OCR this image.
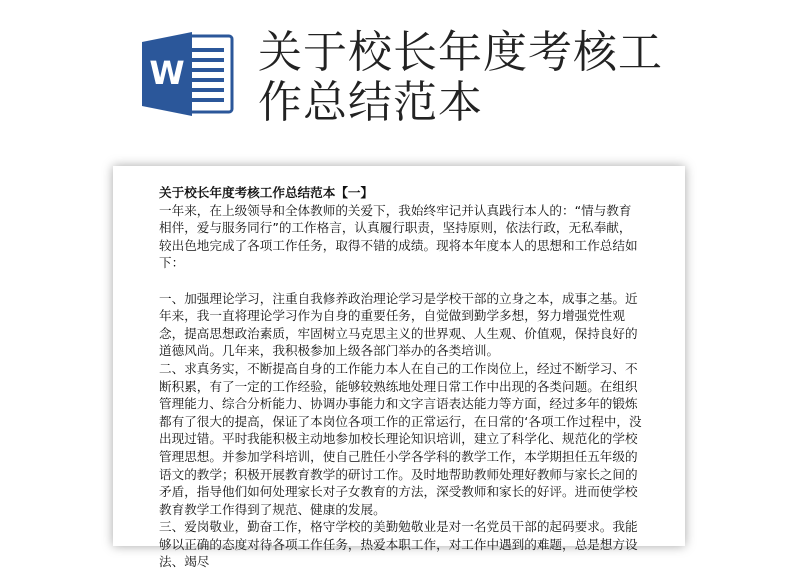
W 关于校长年度考核工作总结范本

关于校长年度考核工作总结范本【一】

一年来，在上级领导和全体教师的关爱下，我始终牢记并认真践行本人的：“情与教育相伴，爱与服务同行”的工作格言，认真履行职责，坚持原则，依法行政，无私奉献，较出色地完成了各项工作任务，取得不错的成绩。现将本年度本人的思想和工作总结如下：

一、加强理论学习，注重自我修养政治理论学习是学校干部的立身之本，成事之基。近年来，我一直将理论学习作为自身的重要任务，自觉做到勤学多想，努力增强党性观念，提高思想政治素质，牢固树立马克思主义的世界观、人生观、价值观，保持良好的道德风尚。几年来，我积极参加上级各部门举办的各类培训。

二、求真务实，不断提高自身的工作能力本人在自己的工作岗位上，经过不断学习、不断积累，有了一定的工作经验，能够较熟练地处理日常工作中出现的各类问题。在组织管理能力、综合分析能力、协调办事能力和文字言语表达能力等方面，经过多年的锻炼都有了很大的提高，保证了本岗位各项工作的正常运行，在日常的‘各项工作过程中，没出现过错。平时我能积极主动地参加校长理论知识培训，建立了科学化、规范化的学校管理思想。并参加学科培训，使自己胜任小学各学科的教学工作，本学期担任五年级的语文的教学；积极开展教育教学的研讨工作。及时地帮助教师处理好教师与家长之间的矛盾，指导他们如何处理家长对子女教育的方法，深受教师和家长的好评。进而使学校教育教学工作得到了规范、健康的发展。

三、爱岗敬业，勤奋工作，格守学校的美勤勉敬业是对一名党员干部的起码要求。我能够以正确的态度对待各项工作任务，热爱本职工作，对工作中遇到的难题，总是想方设法、竭尽
